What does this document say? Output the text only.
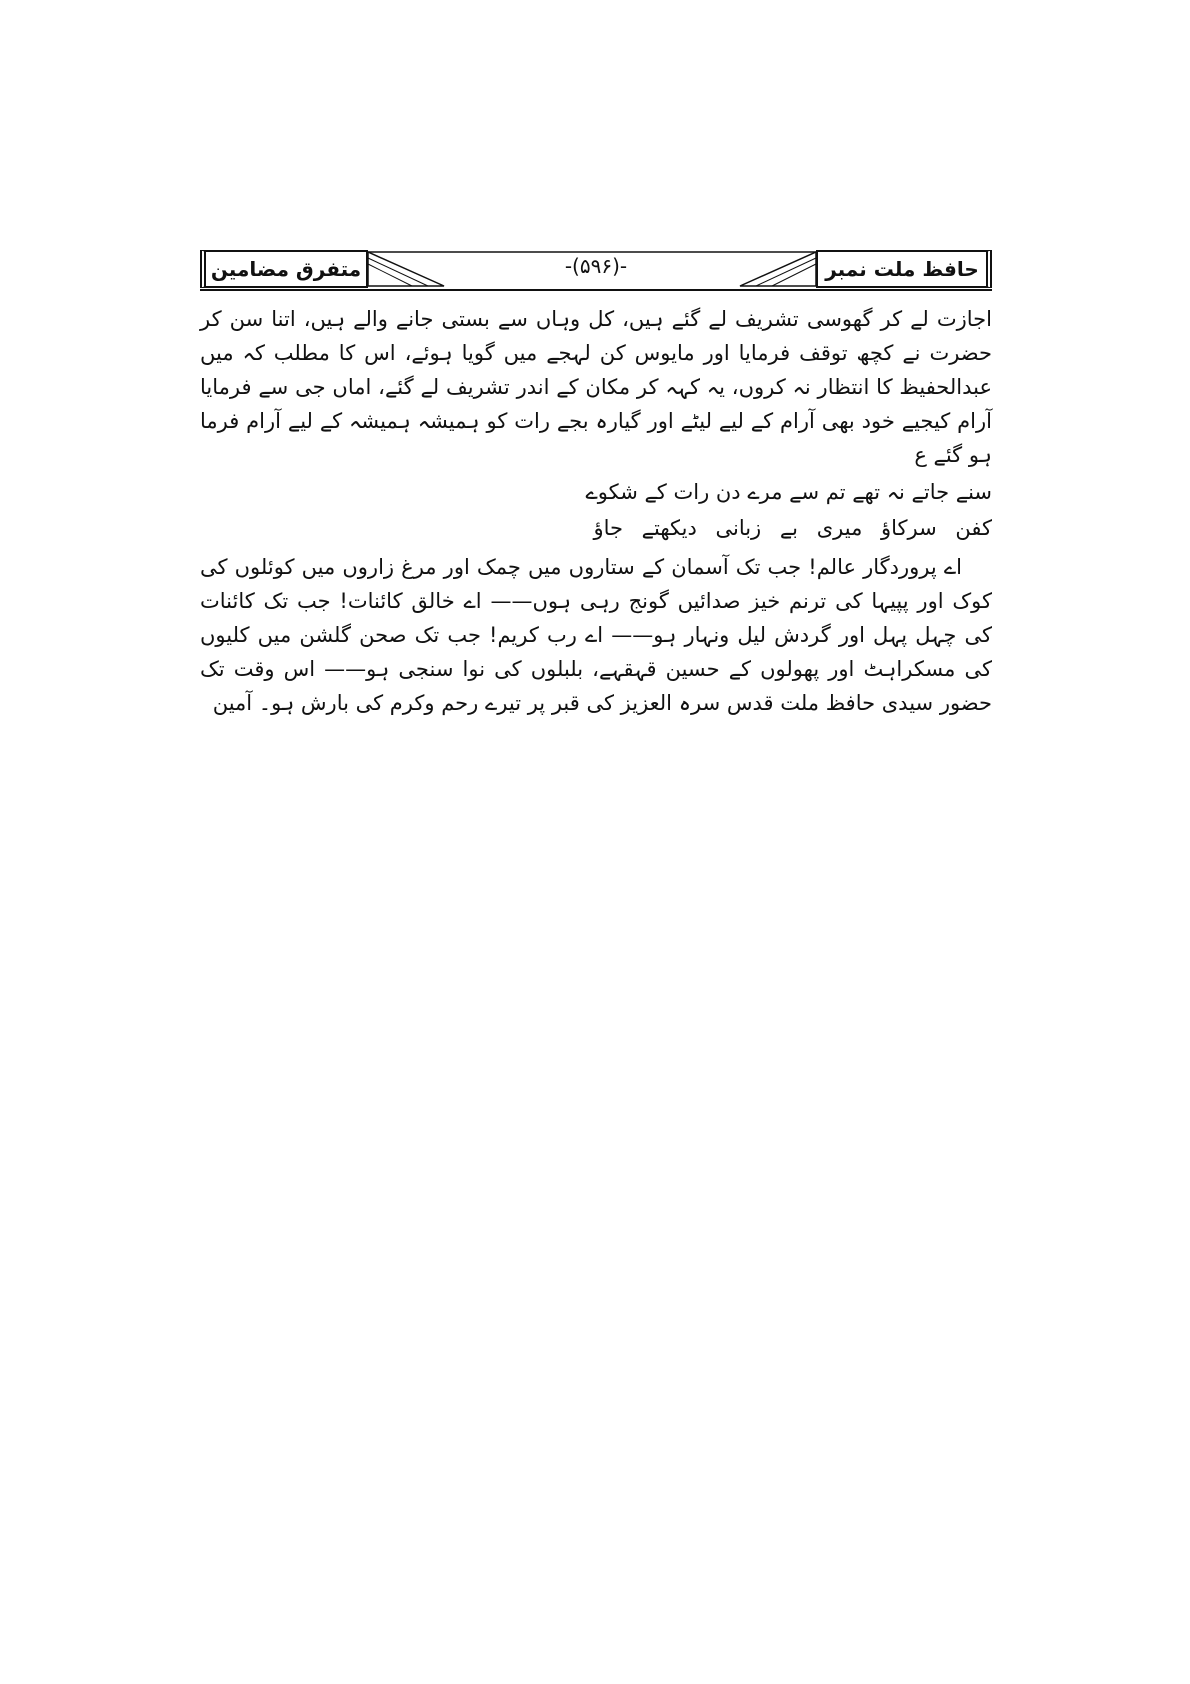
حافظ ملت نمبر
-(۵۹۶)-
متفرق مضامین

اجازت لے کر گھوسی تشریف لے گئے ہیں، کل وہاں سے بستی جانے والے ہیں، اتنا سن کر حضرت نے کچھ توقف فرمایا اور مایوس کن لہجے میں گویا ہوئے، اس کا مطلب کہ میں عبدالحفیظ کا انتظار نہ کروں، یہ کہہ کر مکان کے اندر تشریف لے گئے، اماں جی سے فرمایا آرام کیجیے خود بھی آرام کے لیے لیٹے اور گیارہ بجے رات کو ہمیشہ ہمیشہ کے لیے آرام فرما ہو گئے ع

سنے جاتے نہ تھے تم سے مرے دن رات کے شکوے
کفن سرکاؤ میری بے زبانی دیکھتے جاؤ

اے پروردگار عالم! جب تک آسمان کے ستاروں میں چمک اور مرغ زاروں میں کوئلوں کی کوک اور پپیہا کی ترنم خیز صدائیں گونج رہی ہوں—— اے خالق کائنات! جب تک کائنات کی چہل پہل اور گردش لیل ونہار ہو—— اے رب کریم! جب تک صحن گلشن میں کلیوں کی مسکراہٹ اور پھولوں کے حسین قہقہے، بلبلوں کی نوا سنجی ہو—— اس وقت تک حضور سیدی حافظ ملت قدس سرہ العزیز کی قبر پر تیرے رحم وکرم کی بارش ہو۔ آمین
